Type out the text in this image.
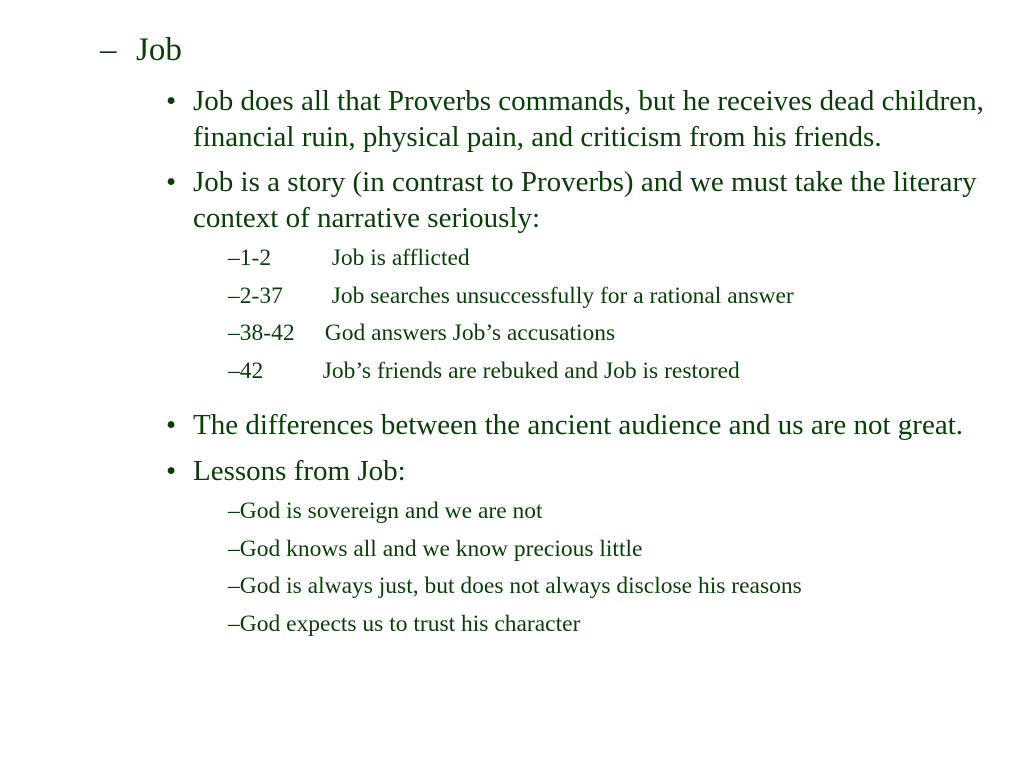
– Job
• Job does all that Proverbs commands, but he receives dead children, financial ruin, physical pain, and criticism from his friends.
• Job is a story (in contrast to Proverbs) and we must take the literary context of narrative seriously:
– 1-2	Job is afflicted
– 2-37	Job searches unsuccessfully for a rational answer
– 38-42	God answers Job’s accusations
– 42	Job’s friends are rebuked and Job is restored
• The differences between the ancient audience and us are not great.
• Lessons from Job:
– God is sovereign and we are not
– God knows all and we know precious little
– God is always just, but does not always disclose his reasons
– God expects us to trust his character
